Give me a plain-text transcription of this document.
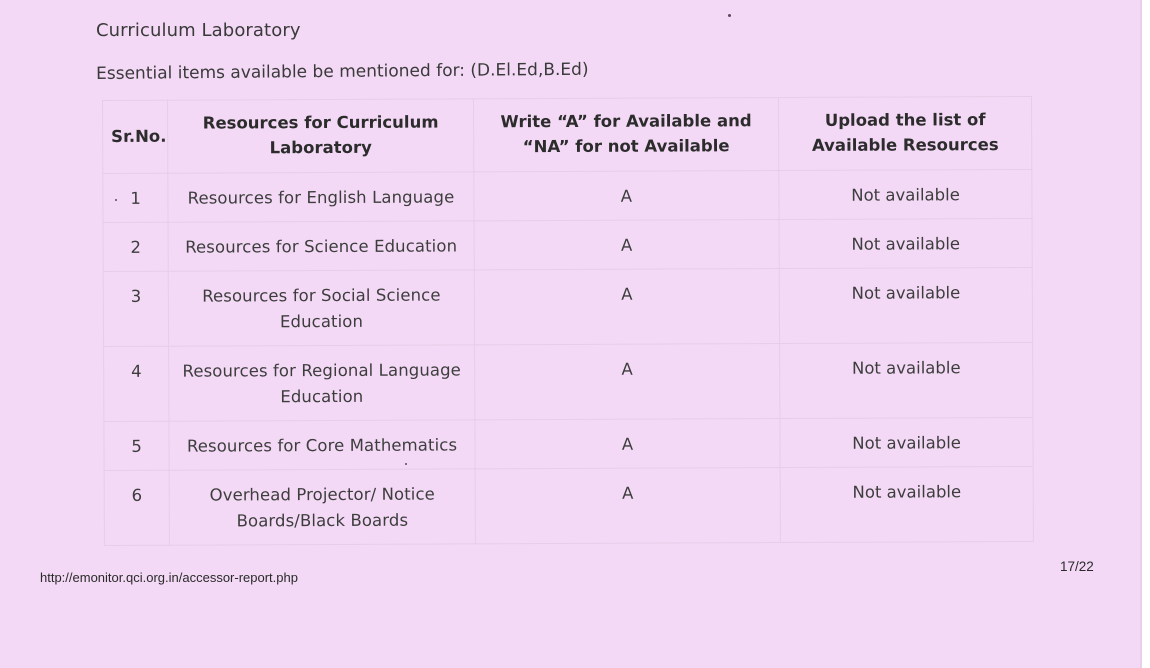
Curriculum Laboratory
Essential items available be mentioned for: (D.El.Ed,B.Ed)
Sr.No.	Resources for Curriculum Laboratory	Write “A” for Available and “NA” for not Available	Upload the list of Available Resources
1	Resources for English Language	A	Not available
2	Resources for Science Education	A	Not available
3	Resources for Social Science Education	A	Not available
4	Resources for Regional Language Education	A	Not available
5	Resources for Core Mathematics	A	Not available
6	Overhead Projector/ Notice Boards/Black Boards	A	Not available
http://emonitor.qci.org.in/accessor-report.php
17/22
